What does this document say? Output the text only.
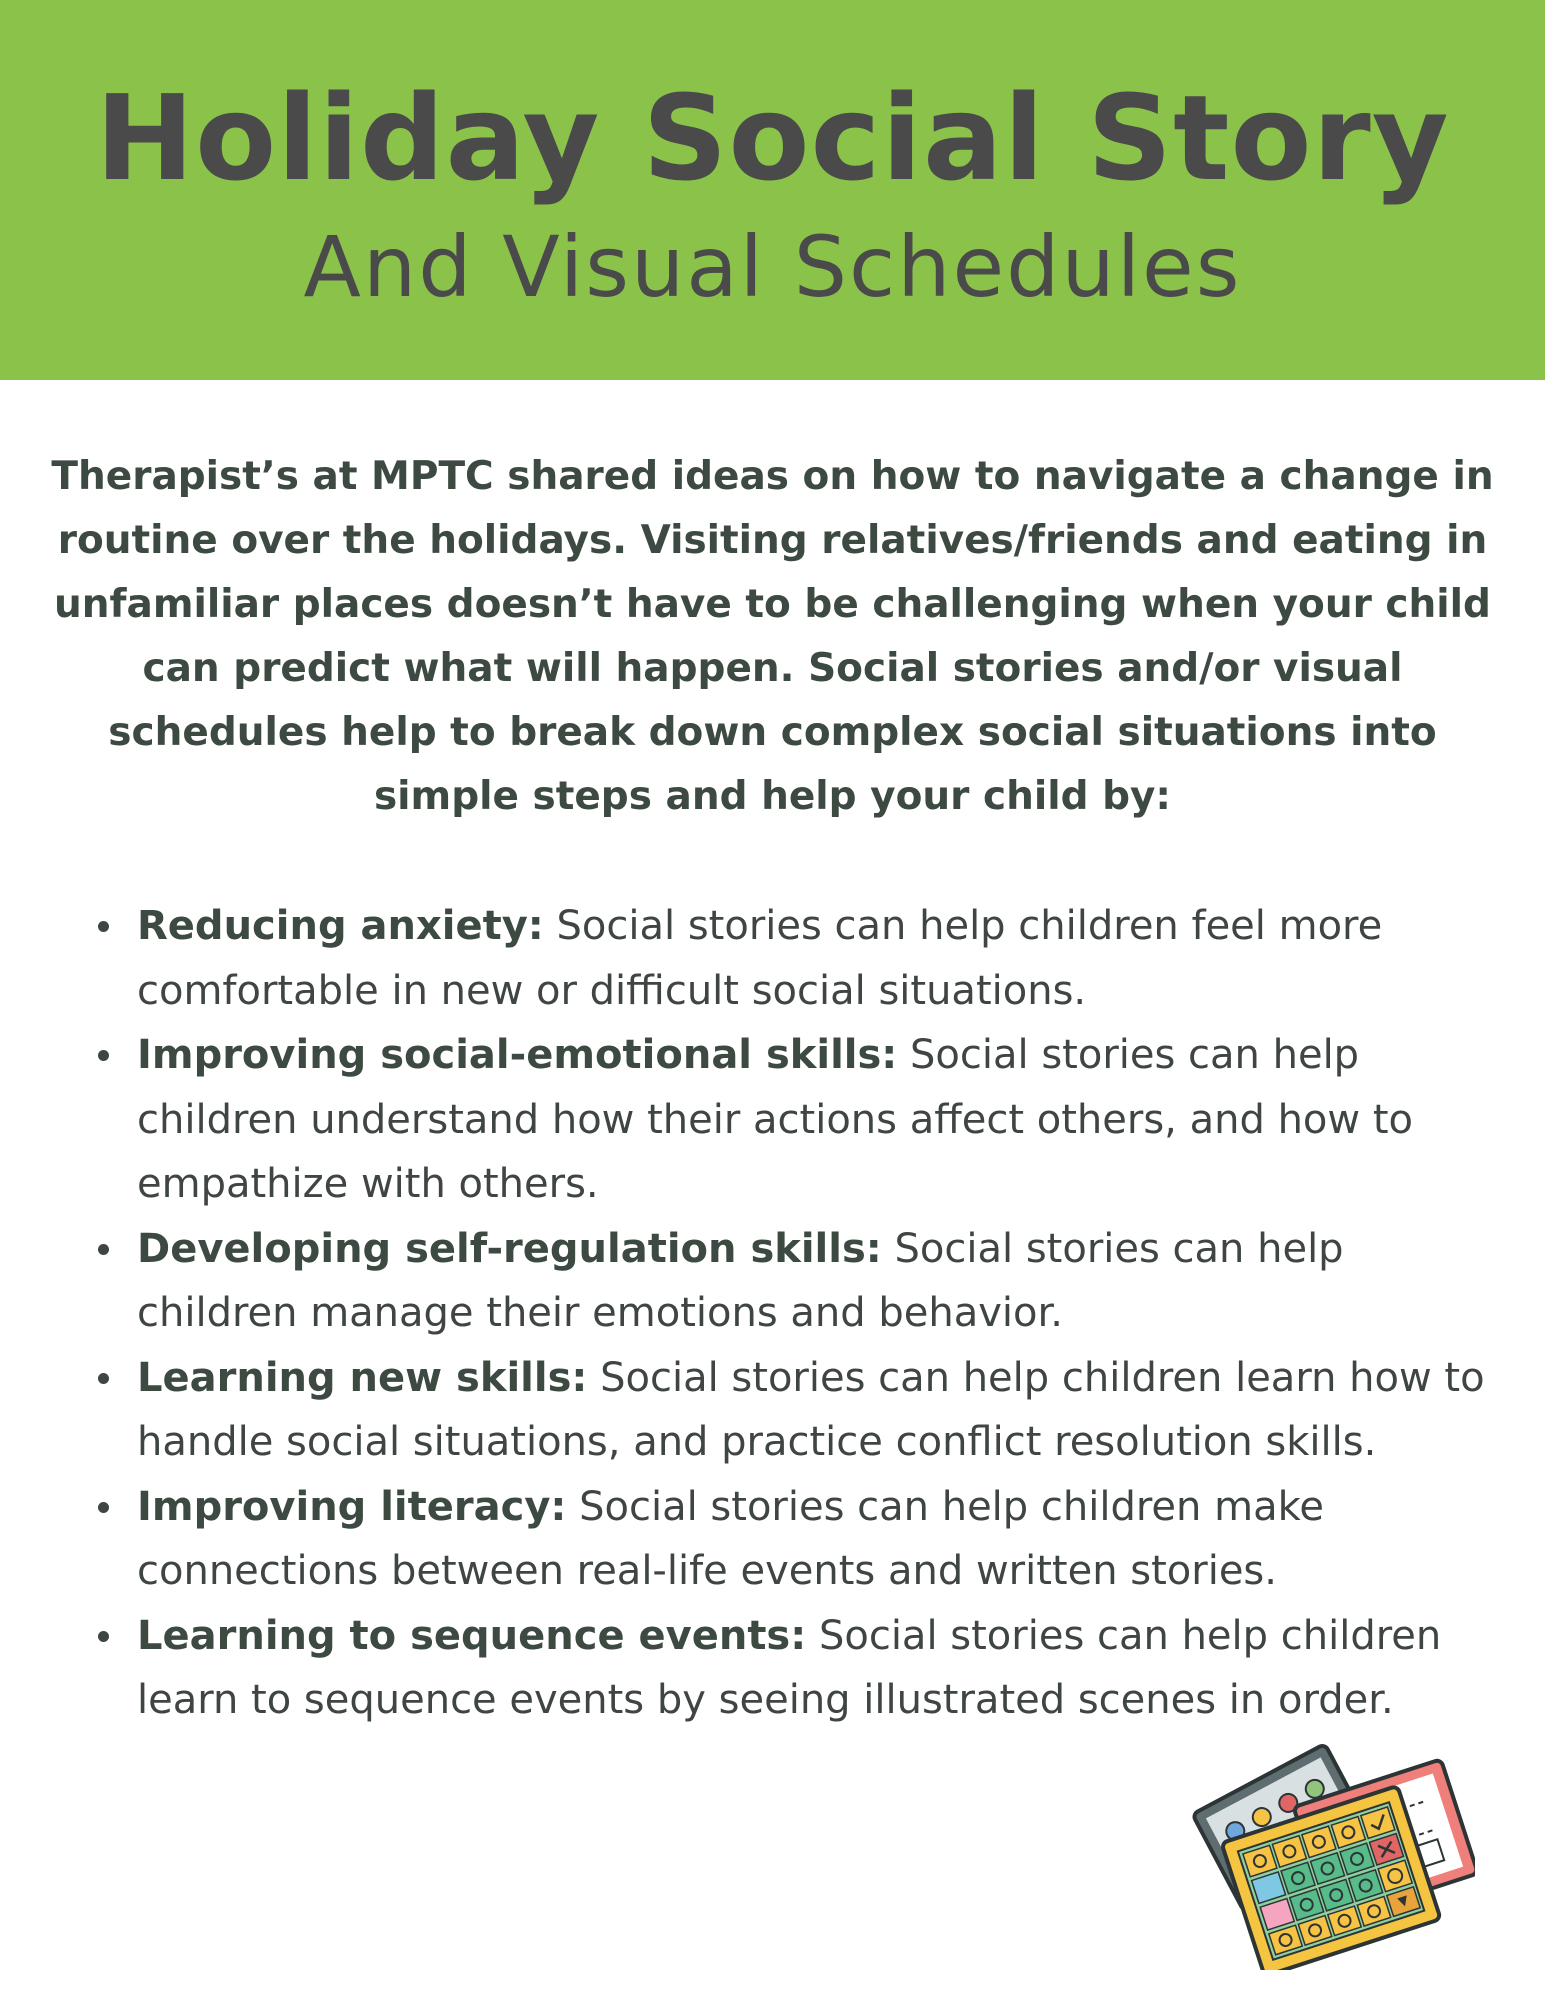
Holiday Social Story
And Visual Schedules

Therapist’s at MPTC shared ideas on how to navigate a change in routine over the holidays. Visiting relatives/friends and eating in unfamiliar places doesn’t have to be challenging when your child can predict what will happen. Social stories and/or visual schedules help to break down complex social situations into simple steps and help your child by:

Reducing anxiety: Social stories can help children feel more comfortable in new or difficult social situations.
Improving social-emotional skills: Social stories can help children understand how their actions affect others, and how to empathize with others.
Developing self-regulation skills: Social stories can help children manage their emotions and behavior.
Learning new skills: Social stories can help children learn how to handle social situations, and practice conflict resolution skills.
Improving literacy: Social stories can help children make connections between real-life events and written stories.
Learning to sequence events: Social stories can help children learn to sequence events by seeing illustrated scenes in order.
